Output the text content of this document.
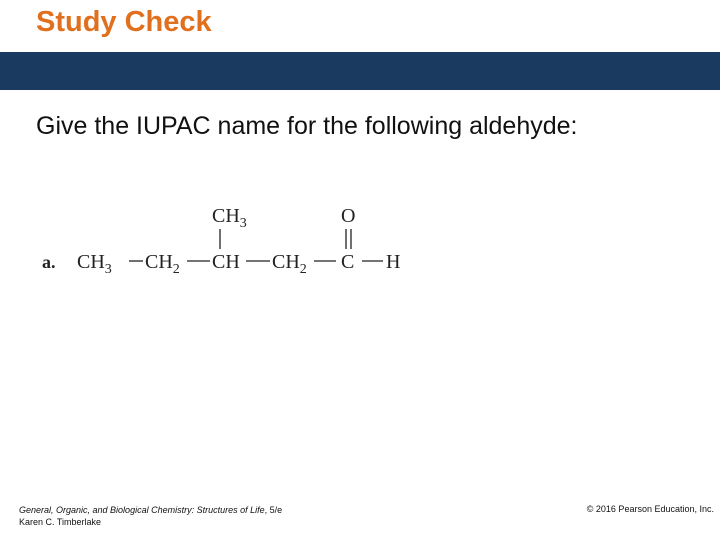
Study Check

Give the IUPAC name for the following aldehyde:

$CH_3$	O
a. $CH_3$ $CH_2$ CH $CH_2$ C H
General, Organic, and Biological Chemistry: Structures of Life, 5/e
Karen C. Timberlake
© 2016 Pearson Education, Inc.
